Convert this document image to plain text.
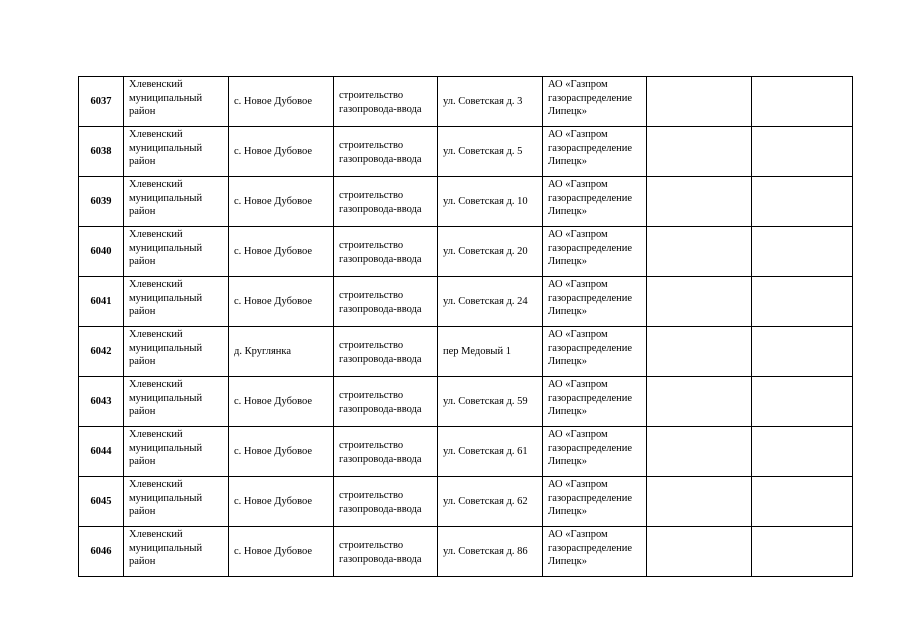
6037	Хлевенский муниципальный район	с. Новое Дубовое	строительство газопровода-ввода	ул. Советская д. 3	АО «Газпром газораспределение Липецк»		
6038	Хлевенский муниципальный район	с. Новое Дубовое	строительство газопровода-ввода	ул. Советская д. 5	АО «Газпром газораспределение Липецк»		
6039	Хлевенский муниципальный район	с. Новое Дубовое	строительство газопровода-ввода	ул. Советская д. 10	АО «Газпром газораспределение Липецк»		
6040	Хлевенский муниципальный район	с. Новое Дубовое	строительство газопровода-ввода	ул. Советская д. 20	АО «Газпром газораспределение Липецк»		
6041	Хлевенский муниципальный район	с. Новое Дубовое	строительство газопровода-ввода	ул. Советская д. 24	АО «Газпром газораспределение Липецк»		
6042	Хлевенский муниципальный район	д. Круглянка	строительство газопровода-ввода	пер Медовый 1	АО «Газпром газораспределение Липецк»		
6043	Хлевенский муниципальный район	с. Новое Дубовое	строительство газопровода-ввода	ул. Советская д. 59	АО «Газпром газораспределение Липецк»		
6044	Хлевенский муниципальный район	с. Новое Дубовое	строительство газопровода-ввода	ул. Советская д. 61	АО «Газпром газораспределение Липецк»		
6045	Хлевенский муниципальный район	с. Новое Дубовое	строительство газопровода-ввода	ул. Советская д. 62	АО «Газпром газораспределение Липецк»		
6046	Хлевенский муниципальный район	с. Новое Дубовое	строительство газопровода-ввода	ул. Советская д. 86	АО «Газпром газораспределение Липецк»		
